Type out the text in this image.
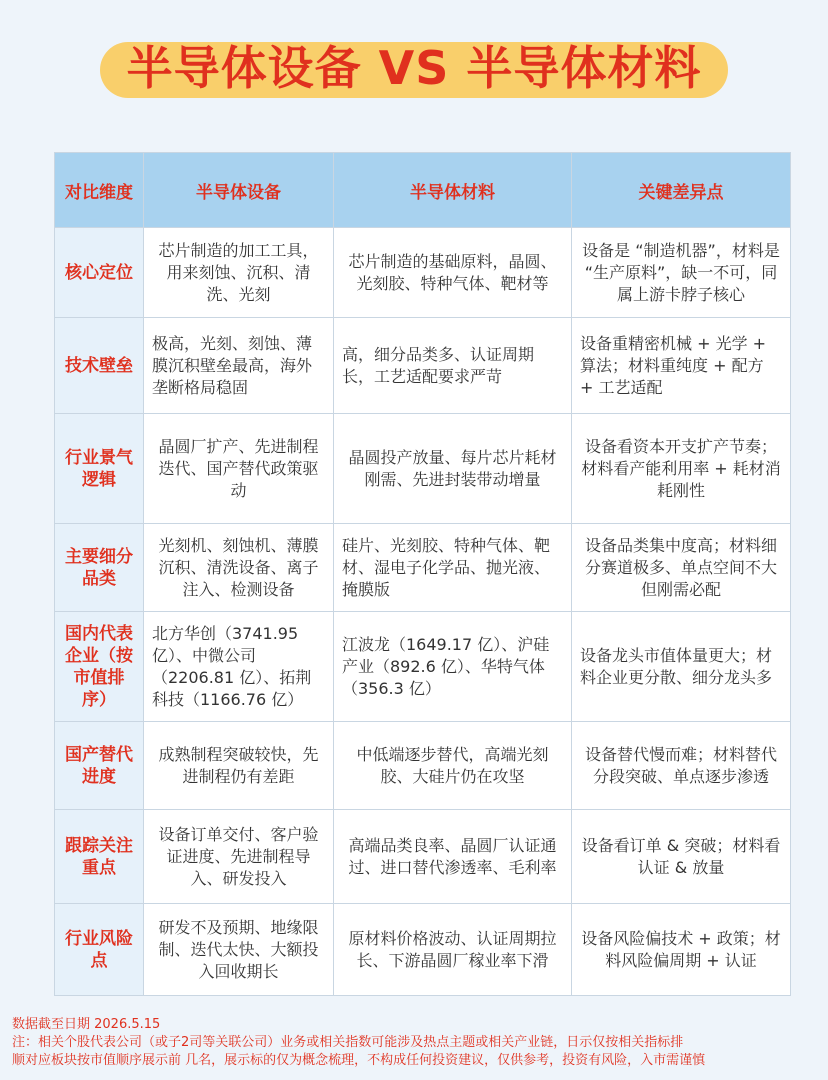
半导体设备 VS 半导体材料
对比维度	半导体设备	半导体材料	关键差异点
核心定位	芯片制造的加工工具，用来刻蚀、沉积、清洗、光刻	芯片制造的基础原料，晶圆、光刻胶、特种气体、靶材等	设备是 “制造机器”，材料是 “生产原料”，缺一不可，同属上游卡脖子核心
技术壁垒	极高，光刻、刻蚀、薄膜沉积壁垒最高，海外垄断格局稳固	高，细分品类多、认证周期长，工艺适配要求严苛	设备重精密机械 + 光学 + 算法；材料重纯度 + 配方 + 工艺适配
行业景气逻辑	晶圆厂扩产、先进制程迭代、国产替代政策驱动	晶圆投产放量、每片芯片耗材刚需、先进封装带动增量	设备看资本开支扩产节奏；材料看产能利用率 + 耗材消耗刚性
主要细分品类	光刻机、刻蚀机、薄膜沉积、清洗设备、离子注入、检测设备	硅片、光刻胶、特种气体、靶材、湿电子化学品、抛光液、掩膜版	设备品类集中度高；材料细分赛道极多、单点空间不大但刚需必配
国内代表企业（按市值排序）	北方华创（3741.95 亿）、中微公司（2206.81 亿）、拓荆科技（1166.76 亿）	江波龙（1649.17 亿）、沪硅产业（892.6 亿）、华特气体（356.3 亿）	设备龙头市值体量更大；材料企业更分散、细分龙头多
国产替代进度	成熟制程突破较快，先进制程仍有差距	中低端逐步替代，高端光刻胶、大硅片仍在攻坚	设备替代慢而难；材料替代分段突破、单点逐步渗透
跟踪关注重点	设备订单交付、客户验证进度、先进制程导入、研发投入	高端品类良率、晶圆厂认证通过、进口替代渗透率、毛利率	设备看订单 & 突破；材料看认证 & 放量
行业风险点	研发不及预期、地缘限制、迭代太快、大额投入回收期长	原材料价格波动、认证周期拉长、下游晶圆厂稼业率下滑	设备风险偏技术 + 政策；材料风险偏周期 + 认证
数据截至日期 2026.5.15
注：相关个股代表公司（或子2司等关联公司）业务或相关指数可能涉及热点主题或相关产业链，日示仅按相关指标排
顺对应板块按市值顺序展示前 几名，展示标的仅为概念梳理，不构成任何投资建议，仅供参考，投资有风险，入市需谨慎
